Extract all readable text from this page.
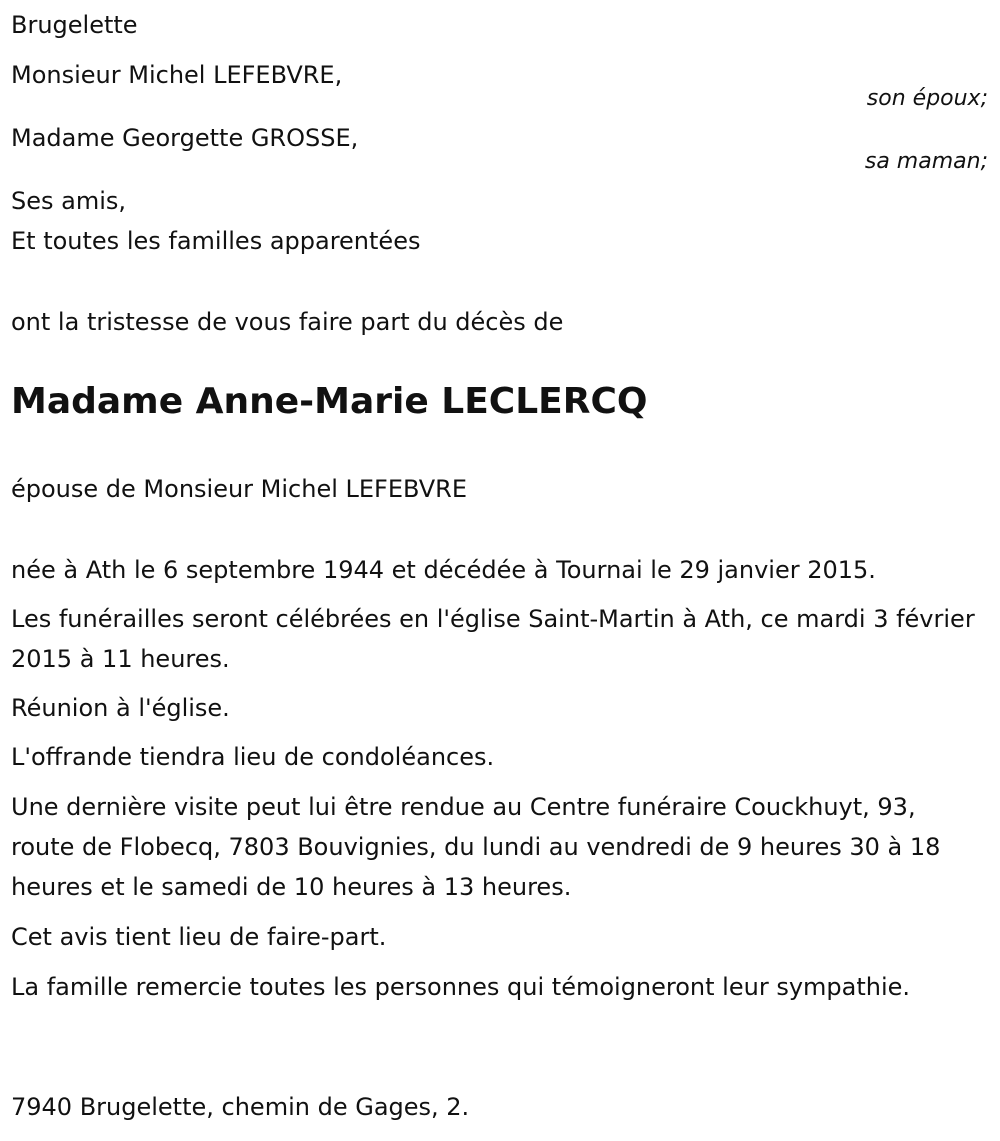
Brugelette

Monsieur Michel LEFEBVRE,

son époux;

Madame Georgette GROSSE,

sa maman;

Ses amis,

Et toutes les familles apparentées

ont la tristesse de vous faire part du décès de

Madame Anne-Marie LECLERCQ

épouse de Monsieur Michel LEFEBVRE

née à Ath le 6 septembre 1944 et décédée à Tournai le 29 janvier 2015.

Les funérailles seront célébrées en l'église Saint-Martin à Ath, ce mardi 3 février 2015 à 11 heures.

Réunion à l'église.

L'offrande tiendra lieu de condoléances.

Une dernière visite peut lui être rendue au Centre funéraire Couckhuyt, 93, route de Flobecq, 7803 Bouvignies, du lundi au vendredi de 9 heures 30 à 18 heures et le samedi de 10 heures à 13 heures.

Cet avis tient lieu de faire-part.

La famille remercie toutes les personnes qui témoigneront leur sympathie.

7940 Brugelette, chemin de Gages, 2.
